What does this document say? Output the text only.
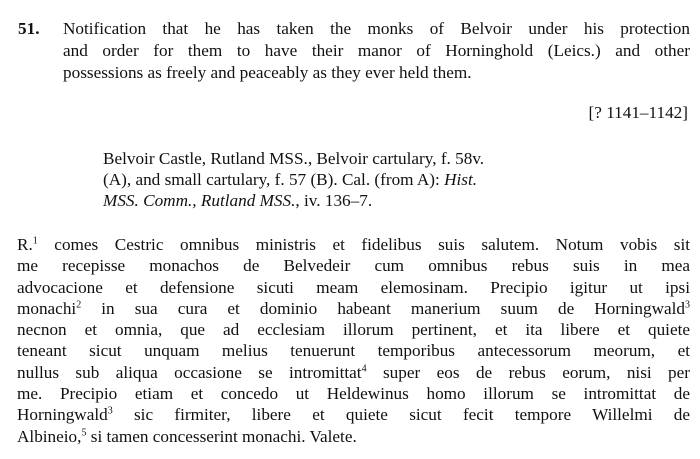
51. Notification that he has taken the monks of Belvoir under his protection
and order for them to have their manor of Horninghold (Leics.) and other
possessions as freely and peaceably as they ever held them.
[? 1141–1142]
Belvoir Castle, Rutland MSS., Belvoir cartulary, f. 58v.
(A), and small cartulary, f. 57 (B). Cal. (from A): Hist.
MSS. Comm., Rutland MSS., iv. 136–7.
R.$^1$ comes Cestric omnibus ministris et fidelibus suis salutem. Notum vobis sit
me recepisse monachos de Belvedeir cum omnibus rebus suis in mea
advocacione et defensione sicuti meam elemosinam. Precipio igitur ut ipsi
monachi$^2$ in sua cura et dominio habeant manerium suum de Horningwald$^3$
necnon et omnia, que ad ecclesiam illorum pertinent, et ita libere et quiete
teneant sicut unquam melius tenuerunt temporibus antecessorum meorum, et
nullus sub aliqua occasione se intromittat$^4$ super eos de rebus eorum, nisi per
me. Precipio etiam et concedo ut Heldewinus homo illorum se intromittat de
Horningwald$^3$ sic firmiter, libere et quiete sicut fecit tempore Willelmi de
Albineio,$^5$ si tamen concesserint monachi. Valete.
